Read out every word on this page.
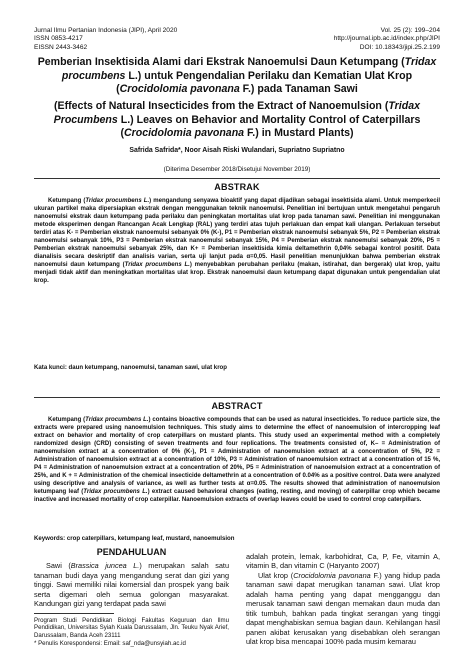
Jurnal Ilmu Pertanian Indonesia (JIPI), April 2020
ISSN 0853-4217
EISSN 2443-3462
Vol. 25 (2): 199–204
http://journal.ipb.ac.id/index.php/JIPI
DOI: 10.18343/jipi.25.2.199
Pemberian Insektisida Alami dari Ekstrak Nanoemulsi Daun Ketumpang (Tridax procumbens L.) untuk Pengendalian Perilaku dan Kematian Ulat Krop (Crocidolomia pavonana F.) pada Tanaman Sawi
(Effects of Natural Insecticides from the Extract of Nanoemulsion (Tridax Procumbens L.) Leaves on Behavior and Mortality Control of Caterpillars (Crocidolomia pavonana F.) in Mustard Plants)
Safrida Safrida*, Noor Aisah Riski Wulandari, Supriatno Supriatno
(Diterima Desember 2018/Disetujui November 2019)
ABSTRAK

Ketumpang (Tridax procumbens L.) mengandung senyawa bioaktif yang dapat dijadikan sebagai insektisida alami. Untuk memperkecil ukuran partikel maka dipersiapkan ekstrak dengan menggunakan teknik nanoemulsi. Penelitian ini bertujuan untuk mengetahui pengaruh nanoemulsi ekstrak daun ketumpang pada perilaku dan peningkatan mortalitas ulat krop pada tanaman sawi. Penelitian ini menggunakan metode eksperimen dengan Rancangan Acak Lengkap (RAL) yang terdiri atas tujuh perlakuan dan empat kali ulangan. Perlakuan tersebut terdiri atas K- = Pemberian ekstrak nanoemulsi sebanyak 0% (K-), P1 = Pemberian ekstrak nanoemulsi sebanyak 5%, P2 = Pemberian ekstrak nanoemulsi sebanyak 10%, P3 = Pemberian ekstrak nanoemulsi sebanyak 15%, P4 = Pemberian ekstrak nanoemulsi sebanyak 20%, P5 = Pemberian ekstrak nanoemulsi sebanyak 25%, dan K+ = Pemberian insektisida kimia deltamethrin 0,04% sebagai kontrol positif. Data dianalisis secara deskriptif dan analisis varian, serta uji lanjut pada α=0,05. Hasil penelitian menunjukkan bahwa pemberian ekstrak nanoemulsi daun ketumpang (Tridax procumbens L.) menyebabkan perubahan perilaku (makan, istirahat, dan bergerak) ulat krop, yaitu menjadi tidak aktif dan meningkatkan mortalitas ulat krop. Ekstrak nanoemulsi daun ketumpang dapat digunakan untuk pengendalian ulat krop.

Kata kunci: daun ketumpang, nanoemulsi, tanaman sawi, ulat krop
ABSTRACT

Ketumpang (Tridax procumbens L.) contains bioactive compounds that can be used as natural insecticides. To reduce particle size, the extracts were prepared using nanoemulsion techniques. This study aims to determine the effect of nanoemulsion of intercropping leaf extract on behavior and mortality of crop caterpillars on mustard plants. This study used an experimental method with a completely randomized design (CRD) consisting of seven treatments and four replications. The treatments consisted of, K– = Administration of nanoemulsion extract at a concentration of 0% (K-), P1 = Administration of nanoemulsion extract at a concentration of 5%, P2 = Administration of nanoemulsion extract at a concentration of 10%, P3 = Administration of nanoemulsion extract at a concentration of 15 %, P4 = Administration of nanoemulsion extract at a concentration of 20%, P5 = Administration of nanoemulsion extract at a concentration of 25%, and K + = Administration of the chemical insecticide deltamethrin at a concentration of 0.04% as a positive control. Data were analyzed using descriptive and analysis of variance, as well as further tests at α=0.05. The results showed that administration of nanoemulsion ketumpang leaf (Tridax procumbens L.) extract caused behavioral changes (eating, resting, and moving) of caterpillar crop which became inactive and increased mortality of crop caterpillar. Nanoemulsion extracts of overlap leaves could be used to control crop caterpillars.

Keywords: crop caterpillars, ketumpang leaf, mustard, nanoemulsion
PENDAHULUAN

Sawi (Brassica juncea L.) merupakan salah satu tanaman budi daya yang mengandung serat dan gizi yang tinggi. Sawi memiliki nilai komersial dan prospek yang baik serta digemari oleh semua golongan masyarakat. Kandungan gizi yang terdapat pada sawi

Program Studi Pendidikan Biologi Fakultas Keguruan dan Ilmu Pendidikan, Universitas Syiah Kuala Darussalam, Jln. Teuku Nyak Arief, Darussalam, Banda Aceh 23111
* Penulis Korespondensi: Email: saf_nda@unsyiah.ac.id

adalah protein, lemak, karbohidrat, Ca, P, Fe, vitamin A, vitamin B, dan vitamin C (Haryanto 2007)

Ulat krop (Crocidolomia pavonana F.) yang hidup pada tanaman sawi dapat merugikan tanaman sawi. Ulat krop adalah hama penting yang dapat mengganggu dan merusak tanaman sawi dengan memakan daun muda dan titik tumbuh, bahkan pada tingkat serangan yang tinggi dapat menghabiskan semua bagian daun. Kehilangan hasil panen akibat kerusakan yang disebabkan oleh serangan ulat krop bisa mencapai 100% pada musim kemarau
